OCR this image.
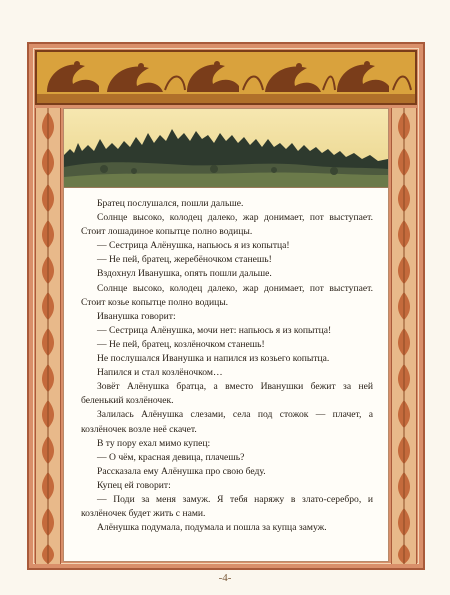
Братец послушался, пошли дальше.

Солнце высоко, колодец далеко, жар донимает, пот выступает. Стоит лошадиное копытце полно водицы.

— Сестрица Алёнушка, напьюсь я из копытца!

— Не пей, братец, жеребёночком станешь!

Вздохнул Иванушка, опять пошли дальше.

Солнце высоко, колодец далеко, жар донимает, пот выступает. Стоит козье копытце полно водицы.

Иванушка говорит:

— Сестрица Алёнушка, мочи нет: напьюсь я из копытца!

— Не пей, братец, козлёночком станешь!

Не послушался Иванушка и напился из козьего копытца.

Напился и стал козлёночком…

Зовёт Алёнушка братца, а вместо Иванушки бежит за ней беленький козлёночек.

Залилась Алёнушка слезами, села под стожок — плачет, а козлёночек возле неё скачет.

В ту пору ехал мимо купец:

— О чём, красная девица, плачешь?

Рассказала ему Алёнушка про свою беду.

Купец ей говорит:

— Поди за меня замуж. Я тебя наряжу в злато-серебро, и козлёночек будет жить с нами.

Алёнушка подумала, подумала и пошла за купца замуж.

-4-
